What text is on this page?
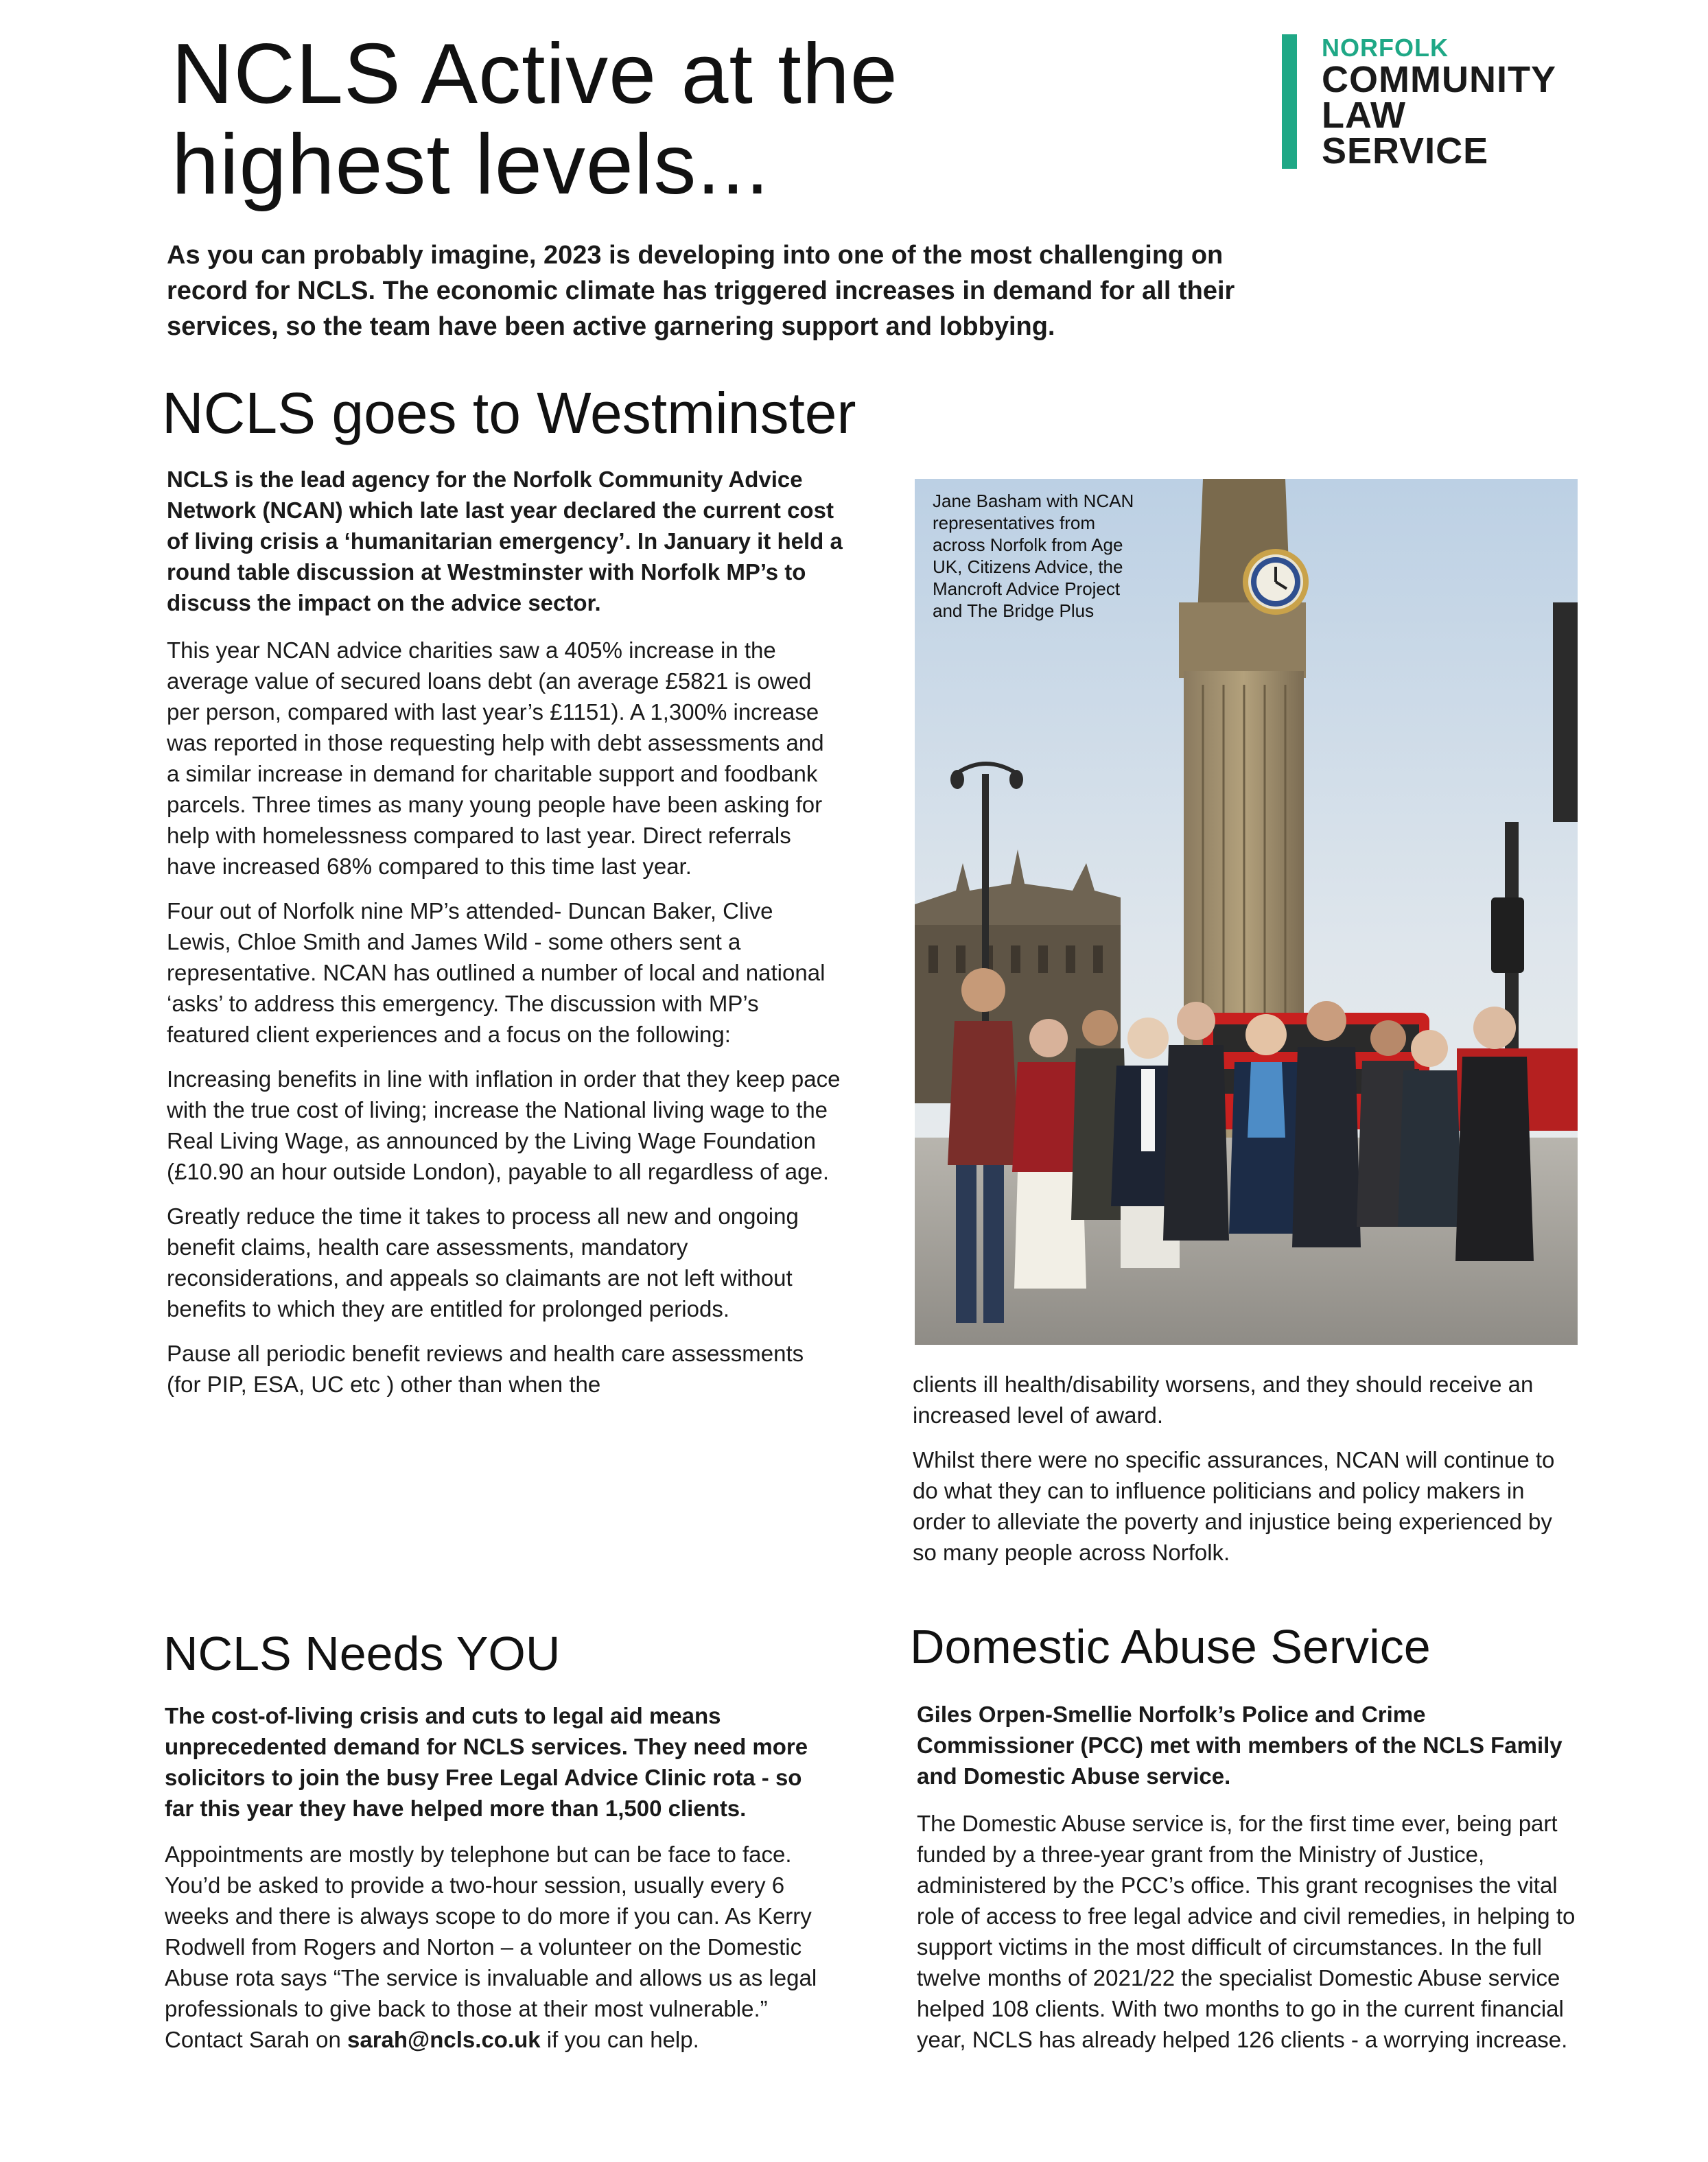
NCLS Active at the
highest levels...
NORFOLK
COMMUNITY
LAW
SERVICE

As you can probably imagine, 2023 is developing into one of the most challenging on record for NCLS. The economic climate has triggered increases in demand for all their services, so the team have been active garnering support and lobbying.

NCLS goes to Westminster

NCLS is the lead agency for the Norfolk Community Advice Network (NCAN) which late last year declared the current cost of living crisis a ‘humanitarian emergency’. In January it held a round table discussion at Westminster with Norfolk MP’s to discuss the impact on the advice sector.

This year NCAN advice charities saw a 405% increase in the average value of secured loans debt (an average £5821 is owed per person, compared with last year’s £1151). A 1,300% increase was reported in those requesting help with debt assessments and a similar increase in demand for charitable support and foodbank parcels. Three times as many young people have been asking for help with homelessness compared to last year. Direct referrals have increased 68% compared to this time last year.

Four out of Norfolk nine MP’s attended- Duncan Baker, Clive Lewis, Chloe Smith and James Wild - some others sent a representative. NCAN has outlined a number of local and national ‘asks’ to address this emergency. The discussion with MP’s featured client experiences and a focus on the following:

Increasing benefits in line with inflation in order that they keep pace with the true cost of living; increase the National living wage to the Real Living Wage, as announced by the Living Wage Foundation (£10.90 an hour outside London), payable to all regardless of age.

Greatly reduce the time it takes to process all new and ongoing benefit claims, health care assessments, mandatory reconsiderations, and appeals so claimants are not left without benefits to which they are entitled for prolonged periods.

Pause all periodic benefit reviews and health care assessments (for PIP, ESA, UC etc ) other than when the

Jane Basham with NCAN representatives from across Norfolk from Age UK, Citizens Advice, the Mancroft Advice Project and The Bridge Plus

clients ill health/disability worsens, and they should receive an increased level of award.

Whilst there were no specific assurances, NCAN will continue to do what they can to influence politicians and policy makers in order to alleviate the poverty and injustice being experienced by so many people across Norfolk.

NCLS Needs YOU

The cost-of-living crisis and cuts to legal aid means unprecedented demand for NCLS services. They need more solicitors to join the busy Free Legal Advice Clinic rota - so far this year they have helped more than 1,500 clients.

Appointments are mostly by telephone but can be face to face. You’d be asked to provide a two-hour session, usually every 6 weeks and there is always scope to do more if you can. As Kerry Rodwell from Rogers and Norton – a volunteer on the Domestic Abuse rota says “The service is invaluable and allows us as legal professionals to give back to those at their most vulnerable.” Contact Sarah on sarah@ncls.co.uk if you can help.

Domestic Abuse Service

Giles Orpen-Smellie Norfolk’s Police and Crime Commissioner (PCC) met with members of the NCLS Family and Domestic Abuse service.

The Domestic Abuse service is, for the first time ever, being part funded by a three-year grant from the Ministry of Justice, administered by the PCC’s office. This grant recognises the vital role of access to free legal advice and civil remedies, in helping to support victims in the most difficult of circumstances. In the full twelve months of 2021/22 the specialist Domestic Abuse service helped 108 clients. With two months to go in the current financial year, NCLS has already helped 126 clients - a worrying increase.
